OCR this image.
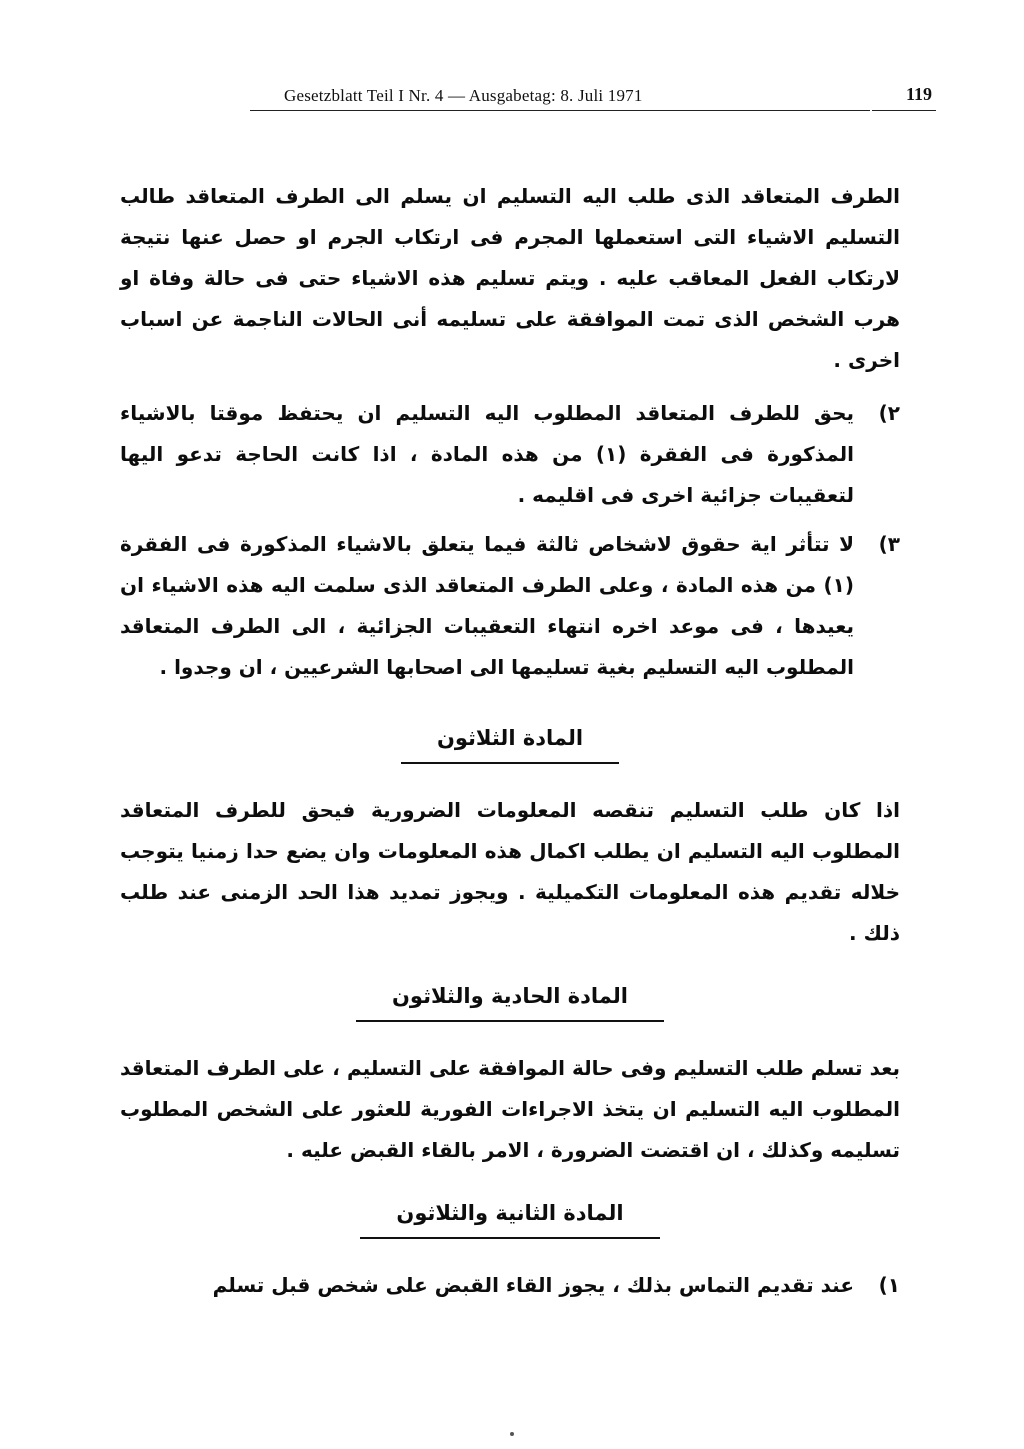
Gesetzblatt Teil I Nr. 4 — Ausgabetag: 8. Juli 1971	119

الطرف المتعاقد الذى طلب اليه التسليم ان يسلم الى الطرف المتعاقد طالب التسليم الاشياء التى استعملها المجرم فى ارتكاب الجرم او حصل عنها نتيجة لارتكاب الفعل المعاقب عليه . ويتم تسليم هذه الاشياء حتى فى حالة وفاة او هرب الشخص الذى تمت الموافقة على تسليمه أنى الحالات الناجمة عن اسباب اخرى .

٢)
يحق للطرف المتعاقد المطلوب اليه التسليم ان يحتفظ موقتا بالاشياء المذكورة فى الفقرة (١) من هذه المادة ، اذا كانت الحاجة تدعو اليها لتعقيبات جزائية اخرى فى اقليمه .
٣)
لا تتأثر اية حقوق لاشخاص ثالثة فيما يتعلق بالاشياء المذكورة فى الفقرة (١) من هذه المادة ، وعلى الطرف المتعاقد الذى سلمت اليه هذه الاشياء ان يعيدها ، فى موعد اخره انتهاء التعقيبات الجزائية ، الى الطرف المتعاقد المطلوب اليه التسليم بغية تسليمها الى اصحابها الشرعيين ، ان وجدوا .
المادة الثلاثون

اذا كان طلب التسليم تنقصه المعلومات الضرورية فيحق للطرف المتعاقد المطلوب اليه التسليم ان يطلب اكمال هذه المعلومات وان يضع حدا زمنيا يتوجب خلاله تقديم هذه المعلومات التكميلية . ويجوز تمديد هذا الحد الزمنى عند طلب ذلك .

المادة الحادية والثلاثون

بعد تسلم طلب التسليم وفى حالة الموافقة على التسليم ، على الطرف المتعاقد المطلوب اليه التسليم ان يتخذ الاجراءات الفورية للعثور على الشخص المطلوب تسليمه وكذلك ، ان اقتضت الضرورة ، الامر بالقاء القبض عليه .

المادة الثانية والثلاثون
١)
عند تقديم التماس بذلك ، يجوز القاء القبض على شخص قبل تسلم
